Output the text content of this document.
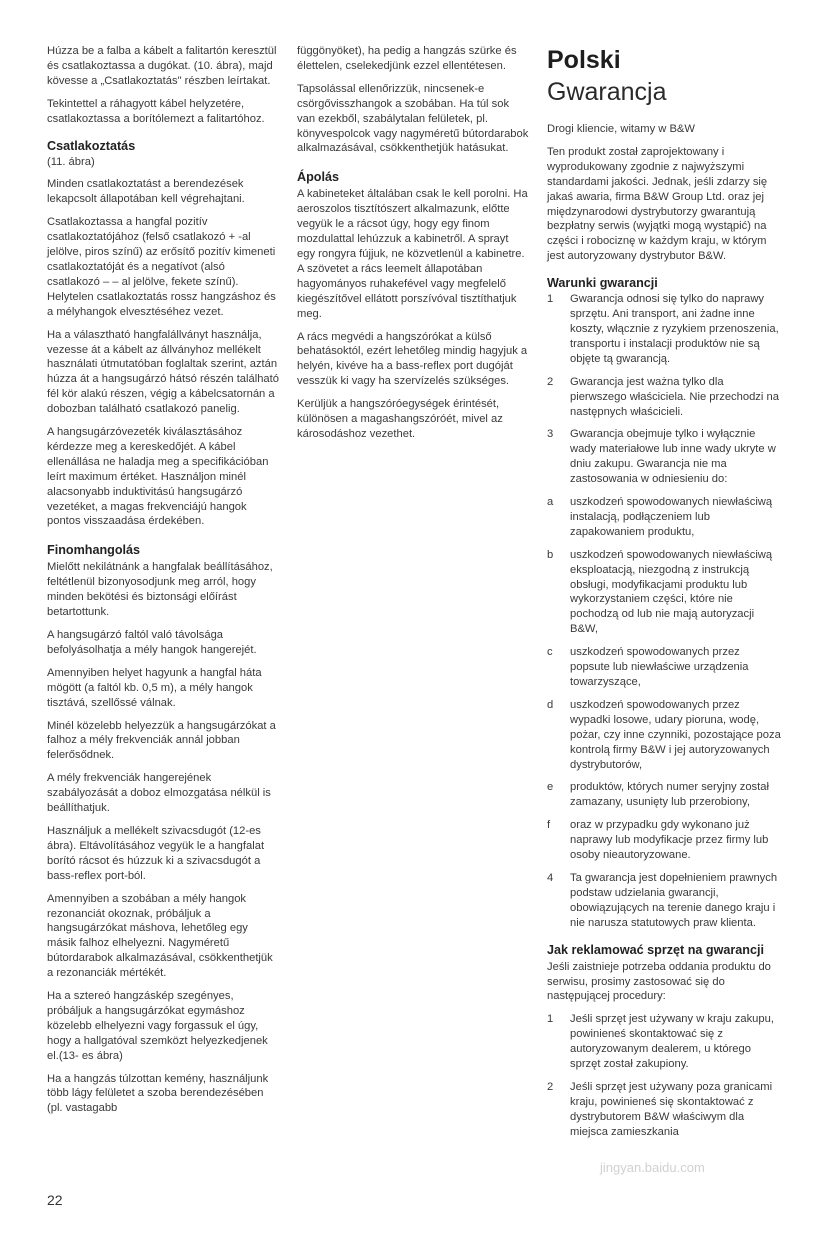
Húzza be a falba a kábelt a falitartón keresztül és csatlakoztassa a dugókat. (10. ábra), majd kövesse a „Csatlakoztatás" részben leírtakat.

Tekintettel a ráhagyott kábel helyzetére, csatlakoztassa a borítólemezt a falitartóhoz.

Csatlakoztatás
(11. ábra)

Minden csatlakoztatást a berendezések lekapcsolt állapotában kell végrehajtani.

Csatlakoztassa a hangfal pozitív csatlakoztatójához (felső csatlakozó + -al jelölve, piros színű) az erősítő pozitív kimeneti csatlakoztatóját és a negatívot (alsó csatlakozó – – al jelölve, fekete színű). Helytelen csatlakoztatás rossz hangzáshoz és a mélyhangok elvesztéséhez vezet.

Ha a választható hangfalállványt használja, vezesse át a kábelt az állványhoz mellékelt használati útmutatóban foglaltak szerint, aztán húzza át a hangsugárzó hátsó részén található fél kör alakú részen, végig a kábelcsatornán a dobozban található csatlakozó panelig.

A hangsugárzóvezeték kiválasztásához kérdezze meg a kereskedőjét. A kábel ellenállása ne haladja meg a specifikációban leírt maximum értéket. Használjon minél alacsonyabb induktivitású hangsugárzó vezetéket, a magas frekvenciájú hangok pontos visszaadása érdekében.

Finomhangolás

Mielőtt nekilátnánk a hangfalak beállításához, feltétlenül bizonyosodjunk meg arról, hogy minden bekötési és biztonsági előírást betartottunk.

A hangsugárzó faltól való távolsága befolyásolhatja a mély hangok hangerejét.

Amennyiben helyet hagyunk a hangfal háta mögött (a faltól kb. 0,5 m), a mély hangok tisztává, szellőssé válnak.

Minél közelebb helyezzük a hangsugárzókat a falhoz a mély frekvenciák annál jobban felerősődnek.

A mély frekvenciák hangerejének szabályozását a doboz elmozgatása nélkül is beállíthatjuk.

Használjuk a mellékelt szivacsdugót (12-es ábra). Eltávolításához vegyük le a hangfalat borító rácsot és húzzuk ki a szivacsdugót a bass-reflex port-ból.

Amennyiben a szobában a mély hangok rezonanciát okoznak, próbáljuk a hangsugárzókat máshova, lehetőleg egy másik falhoz elhelyezni. Nagyméretű bútordarabok alkalmazásával, csökkenthetjük a rezonanciák mértékét.

Ha a sztereó hangzáskép szegényes, próbáljuk a hangsugárzókat egymáshoz közelebb elhelyezni vagy forgassuk el úgy, hogy a hallgatóval szemközt helyezkedjenek el.(13- es ábra)

Ha a hangzás túlzottan kemény, használjunk több lágy felületet a szoba berendezésében (pl. vastagabb

függönyöket), ha pedig a hangzás szürke és élettelen, cselekedjünk ezzel ellentétesen.

Tapsolással ellenőrizzük, nincsenek-e csörgővisszhangok a szobában. Ha túl sok van ezekből, szabálytalan felületek, pl. könyvespolcok vagy nagyméretű bútordarabok alkalmazásával, csökkenthetjük hatásukat.

Ápolás

A kabineteket általában csak le kell porolni. Ha aeroszolos tisztítószert alkalmazunk, előtte vegyük le a rácsot úgy, hogy egy finom mozdulattal lehúzzuk a kabinetről. A sprayt egy rongyra fújjuk, ne közvetlenül a kabinetre. A szövetet a rács leemelt állapotában hagyományos ruhakefével vagy megfelelő kiegészítővel ellátott porszívóval tisztíthatjuk meg.

A rács megvédi a hangszórókat a külső behatásoktól, ezért lehetőleg mindig hagyjuk a helyén, kivéve ha a bass-reflex port dugóját vesszük ki vagy ha szervízelés szükséges.

Kerüljük a hangszóróegységek érintését, különösen a magashangszóróét, mivel az károsodáshoz vezethet.

Polski
Gwarancja

Drogi kliencie, witamy w B&W

Ten produkt został zaprojektowany i wyprodukowany zgodnie z najwyższymi standardami jakości. Jednak, jeśli zdarzy się jakaś awaria, firma B&W Group Ltd. oraz jej międzynarodowi dystrybutorzy gwarantują bezpłatny serwis (wyjątki mogą wystąpić) na części i robociznę w każdym kraju, w którym jest autoryzowany dystrybutor B&W.

Warunki gwarancji
1	Gwarancja odnosi się tylko do naprawy sprzętu. Ani transport, ani żadne inne koszty, włącznie z ryzykiem przenoszenia, transportu i instalacji produktów nie są objęte tą gwarancją.
2	Gwarancja jest ważna tylko dla pierwszego właściciela. Nie przechodzi na następnych właścicieli.
3	Gwarancja obejmuje tylko i wyłącznie wady materiałowe lub inne wady ukryte w dniu zakupu. Gwarancja nie ma zastosowania w odniesieniu do:
a	uszkodzeń spowodowanych niewłaściwą instalacją, podłączeniem lub zapakowaniem produktu,
b	uszkodzeń spowodowanych niewłaściwą eksploatacją, niezgodną z instrukcją obsługi, modyfikacjami produktu lub wykorzystaniem części, które nie pochodzą od lub nie mają autoryzacji B&W,
c	uszkodzeń spowodowanych przez popsute lub niewłaściwe urządzenia towarzyszące,
d	uszkodzeń spowodowanych przez wypadki losowe, udary pioruna, wodę, pożar, czy inne czynniki, pozostające poza kontrolą firmy B&W i jej autoryzowanych dystrybutorów,
e	produktów, których numer seryjny został zamazany, usunięty lub przerobiony,
f	oraz w przypadku gdy wykonano już naprawy lub modyfikacje przez firmy lub osoby nieautoryzowane.
4	Ta gwarancja jest dopełnieniem prawnych podstaw udzielania gwarancji, obowiązujących na terenie danego kraju i nie narusza statutowych praw klienta.
Jak reklamować sprzęt na gwarancji

Jeśli zaistnieje potrzeba oddania produktu do serwisu, prosimy zastosować się do następującej procedury:

1	Jeśli sprzęt jest używany w kraju zakupu, powinieneś skontaktować się z autoryzowanym dealerem, u którego sprzęt został zakupiony.
2	Jeśli sprzęt jest używany poza granicami kraju, powinieneś się skontaktować z dystrybutorem B&W właściwym dla miejsca zamieszkania
22
jingyan.baidu.com
